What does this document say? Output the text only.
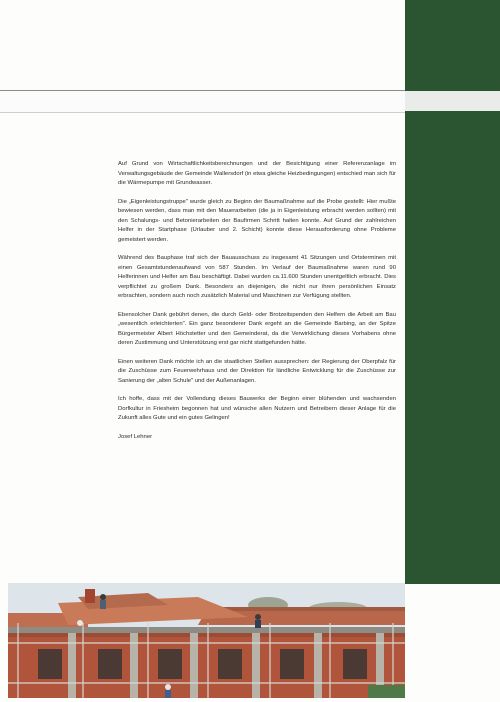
Auf Grund von Wirtschaftlichkeitsberechnungen und der Besichtigung einer Referenzanlage im Verwaltungsgebäude der Gemeinde Wallersdorf (in etwa gleiche Heizbedingungen) entschied man sich für die Wärmepumpe mit Grundwasser.

Die „Eigenleistungstruppe" wurde gleich zu Beginn der Baumaßnahme auf die Probe gestellt: Hier mußte bewiesen werden, dass man mit den Mauerarbeiten (die ja in Eigenleistung erbracht werden sollten) mit den Schalungs- und Betonierarbeiten der Baufirmen Schritt halten konnte. Auf Grund der zahlreichen Helfer in der Startphase (Urlauber und 2. Schicht) konnte diese Herausforderung ohne Probleme gemeistert werden.

Während des Bauphase traf sich der Bauausschuss zu insgesamt 41 Sitzungen und Ortsterminen mit einen Gesamtstundenaufwand von 587 Stunden. Im Verlauf der Baumaßnahme waren rund 90 Helferinnen und Helfer am Bau beschäftigt. Dabei wurden ca.11.600 Stunden unentgeltlich erbracht. Dies verpflichtet zu großem Dank. Besonders an diejenigen, die nicht nur ihren persönlichen Einsatz erbrachten, sondern auch noch zusätzlich Material und Maschinen zur Verfügung stellten.

Ebensolcher Dank gebührt denen, die durch Geld- oder Brotzeitspenden den Helfern die Arbeit am Bau „wesentlich erleichterten". Ein ganz besonderer Dank ergeht an die Gemeinde Barbing, an der Spitze Bürgermeister Albert Höchstetter und den Gemeinderat, da die Verwirklichung dieses Vorhabens ohne deren Zustimmung und Unterstützung erst gar nicht stattgefunden hätte.

Einen weiteren Dank möchte ich an die staatlichen Stellen aussprechen: der Regierung der Oberpfalz für die Zuschüsse zum Feuerwehrhaus und der Direktion für ländliche Entwicklung für die Zuschüsse zur Sanierung der „alten Schule" und der Außenanlagen.

Ich hoffe, dass mit der Vollendung dieses Bauwerks der Beginn einer blühenden und wachsenden Dorfkultur in Friesheim begonnen hat und wünsche allen Nutzern und Betreibern dieser Anlage für die Zukunft alles Gute und ein gutes Gelingen!

Josef Lehner
